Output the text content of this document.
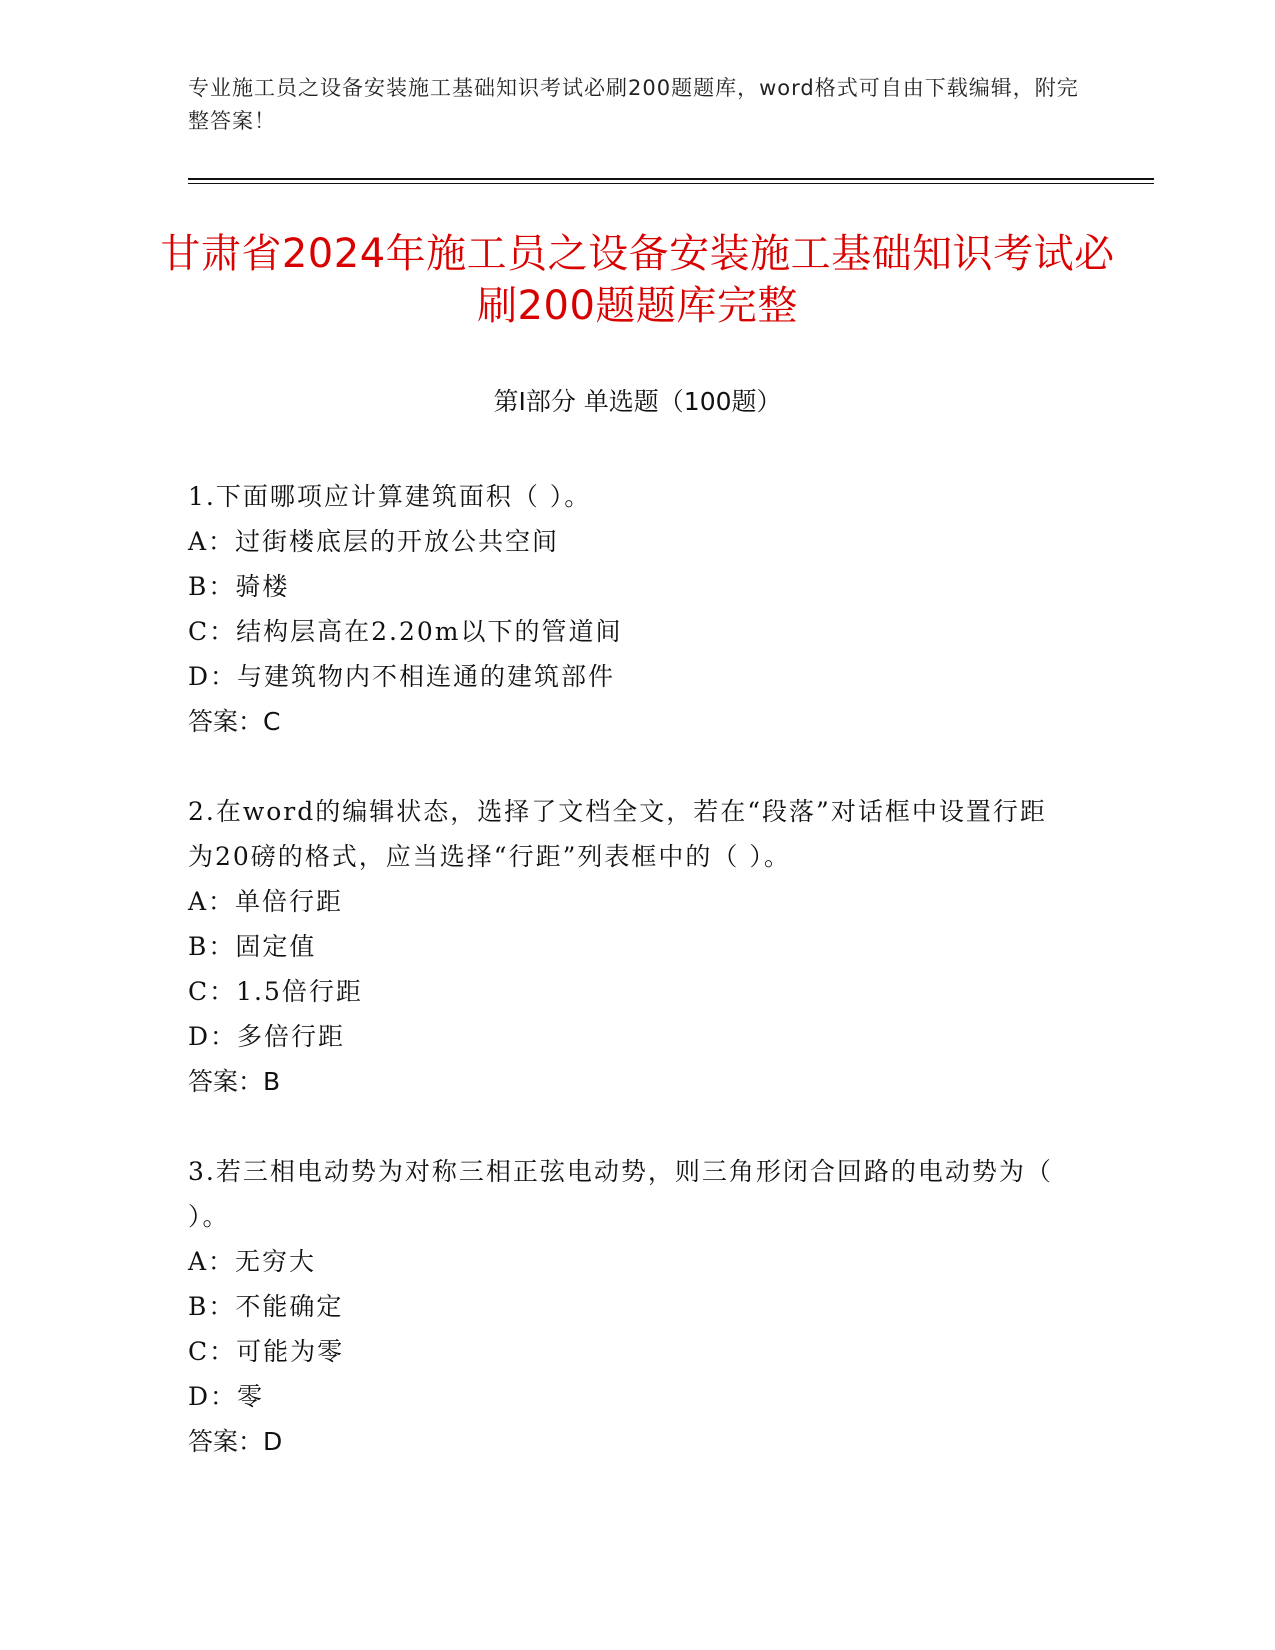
专业施工员之设备安装施工基础知识考试必刷200题题库，word格式可自由下载编辑，附完整答案！
甘肃省2024年施工员之设备安装施工基础知识考试必刷200题题库完整
第I部分 单选题（100题）
1.下面哪项应计算建筑面积（ ）。
A：过街楼底层的开放公共空间
B：骑楼
C：结构层高在2.20m以下的管道间
D：与建筑物内不相连通的建筑部件
答案：C
2.在word的编辑状态，选择了文档全文，若在“段落”对话框中设置行距为20磅的格式，应当选择“行距”列表框中的（ ）。
A：单倍行距
B：固定值
C：1.5倍行距
D：多倍行距
答案：B
3.若三相电动势为对称三相正弦电动势，则三角形闭合回路的电动势为（ ）。
A：无穷大
B：不能确定
C：可能为零
D：零
答案：D
